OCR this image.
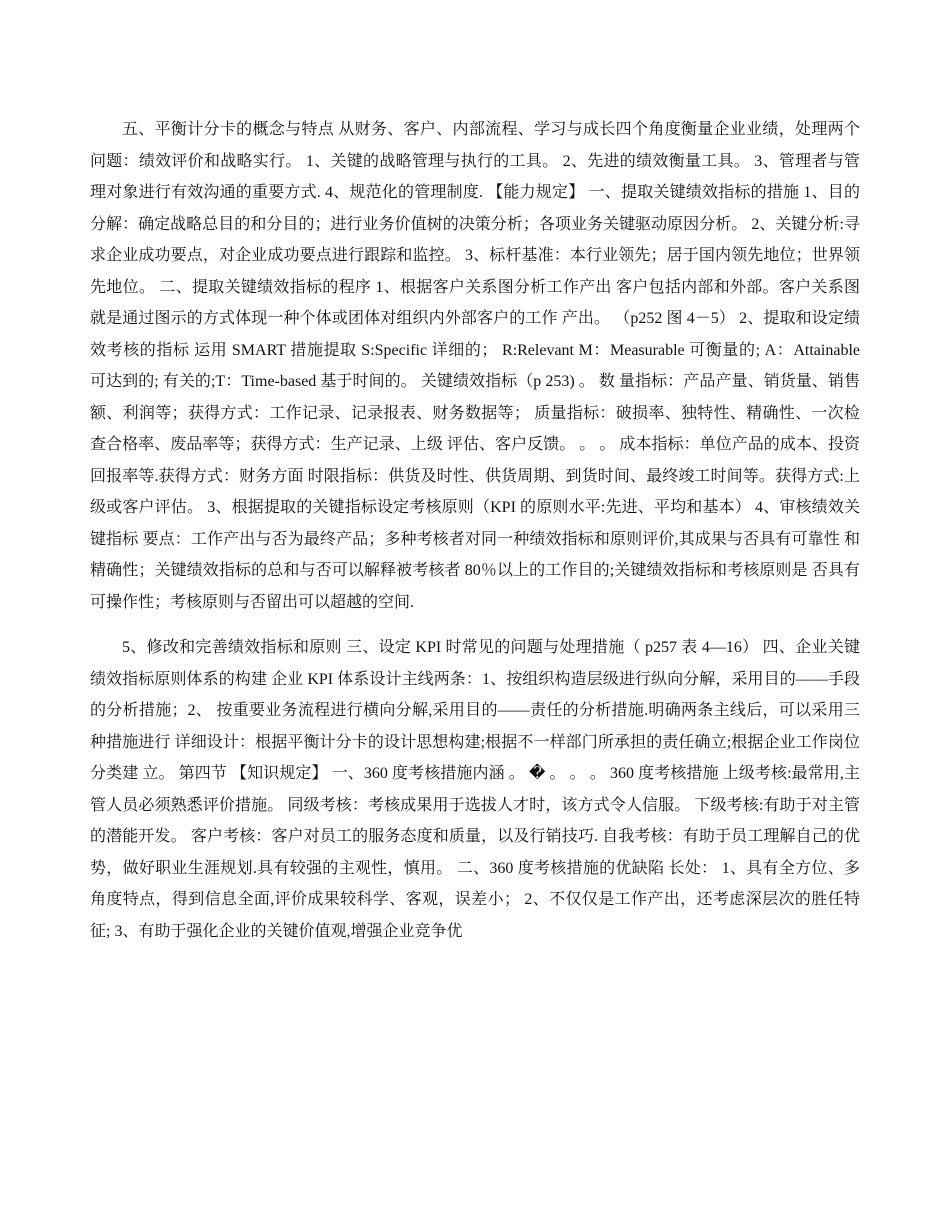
五、平衡计分卡的概念与特点 从财务、客户、内部流程、学习与成长四个角度衡量企业业绩，处理两个问题：绩效评价和战略实行。 1、关键的战略管理与执行的工具。 2、先进的绩效衡量工具。 3、管理者与管理对象进行有效沟通的重要方式. 4、规范化的管理制度. 【能力规定】 一、提取关键绩效指标的措施 1、目的分解：确定战略总目的和分目的；进行业务价值树的决策分析；各项业务关键驱动原因分析。 2、关键分析:寻求企业成功要点，对企业成功要点进行跟踪和监控。 3、标杆基准：本行业领先；居于国内领先地位；世界领先地位。 二、提取关键绩效指标的程序 1、根据客户关系图分析工作产出 客户包括内部和外部。客户关系图就是通过图示的方式体现一种个体或团体对组织内外部客户的工作 产出。 （p252 图 4－5） 2、提取和设定绩效考核的指标 运用 SMART 措施提取 S:Specific 详细的； R:Relevant M：Measurable 可衡量的; A：Attainable 可达到的; 有关的;T：Time-based 基于时间的。 关键绩效指标（p 253) 。 数 量指标：产品产量、销货量、销售额、利润等；获得方式：工作记录、记录报表、财务数据等； 质量指标：破损率、独特性、精确性、一次检查合格率、废品率等；获得方式：生产记录、上级 评估、客户反馈。 。 。 成本指标：单位产品的成本、投资回报率等.获得方式：财务方面 时限指标：供货及时性、供货周期、到货时间、最终竣工时间等。获得方式:上级或客户评估。 3、根据提取的关键指标设定考核原则（KPI 的原则水平:先进、平均和基本） 4、审核绩效关键指标 要点：工作产出与否为最终产品；多种考核者对同一种绩效指标和原则评价,其成果与否具有可靠性 和精确性；关键绩效指标的总和与否可以解释被考核者 80％以上的工作目的;关键绩效指标和考核原则是 否具有可操作性；考核原则与否留出可以超越的空间.

5、修改和完善绩效指标和原则 三、设定 KPI 时常见的问题与处理措施（ p257 表 4—16） 四、企业关键绩效指标原则体系的构建 企业 KPI 体系设计主线两条：1、按组织构造层级进行纵向分解，采用目的——手段的分析措施；2、 按重要业务流程进行横向分解,采用目的——责任的分析措施.明确两条主线后，可以采用三种措施进行 详细设计：根据平衡计分卡的设计思想构建;根据不一样部门所承担的责任确立;根据企业工作岗位分类建 立。 第四节 【知识规定】 一、360 度考核措施内涵 。 � 。 。 。 360 度考核措施 上级考核:最常用,主管人员必须熟悉评价措施。 同级考核：考核成果用于选拔人才时，该方式令人信服。 下级考核:有助于对主管的潜能开发。 客户考核：客户对员工的服务态度和质量，以及行销技巧. 自我考核：有助于员工理解自己的优势，做好职业生涯规划.具有较强的主观性，慎用。 二、360 度考核措施的优缺陷 长处： 1、具有全方位、多角度特点，得到信息全面,评价成果较科学、客观，误差小； 2、不仅仅是工作产出，还考虑深层次的胜任特征; 3、有助于强化企业的关键价值观,增强企业竞争优
